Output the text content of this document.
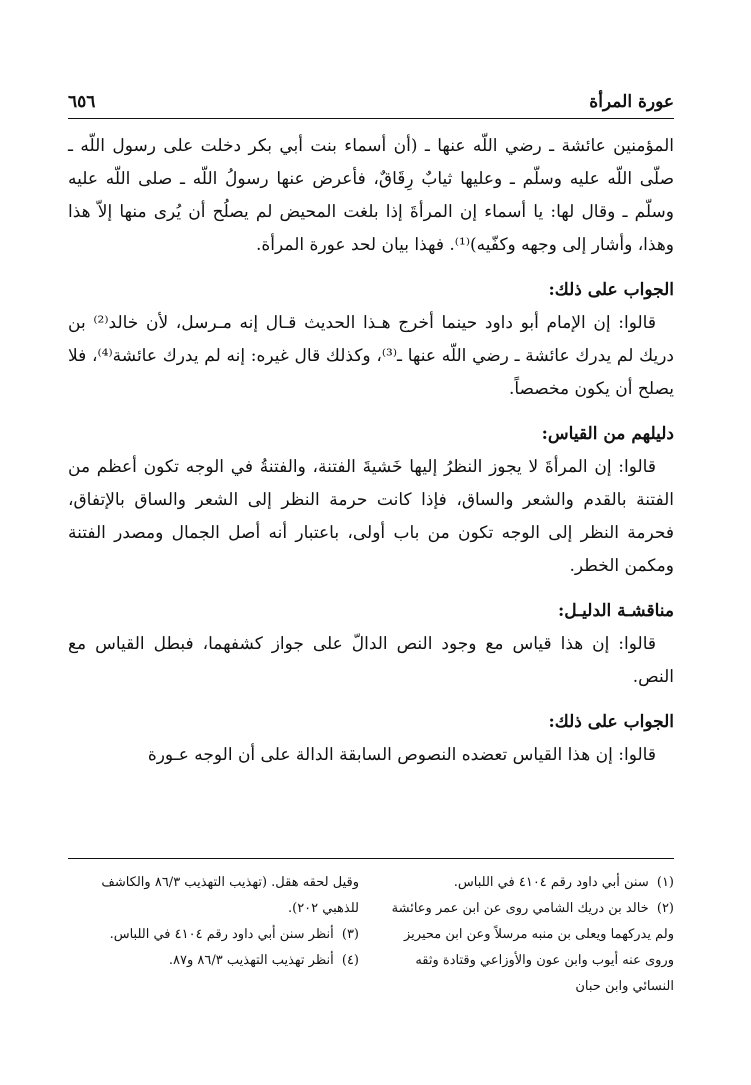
عورة المرأة
٦٥٦

المؤمنين عائشة ـ رضي اللّه عنها ـ (أن أسماء بنت أبي بكر دخلت على رسول اللّه ـ صلّى اللّه عليه وسلّم ـ وعليها ثيابٌ رِقَاقٌ، فأعرض عنها رسولُ اللّه ـ صلى اللّه عليه وسلّم ـ وقال لها: يا أسماء إن المرأةَ إذا بلغت المحيض لم يصلُح أن يُرى منها إلاّ هذا وهذا، وأشار إلى وجهه وكفّيه)⁽¹⁾. فهذا بيان لحد عورة المرأة.

الجواب على ذلك:

قالوا: إن الإمام أبو داود حينما أخرج هـذا الحديث قـال إنه مـرسل، لأن خالد⁽²⁾ بن دريك لم يدرك عائشة ـ رضي اللّه عنها ـ⁽³⁾، وكذلك قال غيره: إنه لم يدرك عائشة⁽⁴⁾، فلا يصلح أن يكون مخصصاً.

دليلهم من القياس:

قالوا: إن المرأةَ لا يجوز النظرُ إليها خَشيةَ الفتنة، والفتنةُ في الوجه تكون أعظم من الفتنة بالقدم والشعر والساق، فإذا كانت حرمة النظر إلى الشعر والساق بالإتفاق، فحرمة النظر إلى الوجه تكون من باب أولى، باعتبار أنه أصل الجمال ومصدر الفتنة ومكمن الخطر.

مناقشـة الدليـل:

قالوا: إن هذا قياس مع وجود النص الدالّ على جواز كشفهما، فبطل القياس مع النص.

الجواب على ذلك:

قالوا: إن هذا القياس تعضده النصوص السابقة الدالة على أن الوجه عـورة

(١) سنن أبي داود رقم ٤١٠٤ في اللباس.

(٢) خالد بن دريك الشامي روى عن ابن عمر وعائشة ولم يدركهما ويعلى بن منبه مرسلاً وعن ابن محيريز وروى عنه أيوب وابن عون والأوزاعي وقتادة وثقه النسائي وابن حبان

وقيل لحقه هقل. (تهذيب التهذيب ٨٦/٣ والكاشف للذهبي ٢٠٢).

(٣) أنظر سنن أبي داود رقم ٤١٠٤ في اللباس.

(٤) أنظر تهذيب التهذيب ٨٦/٣ و٨٧.
